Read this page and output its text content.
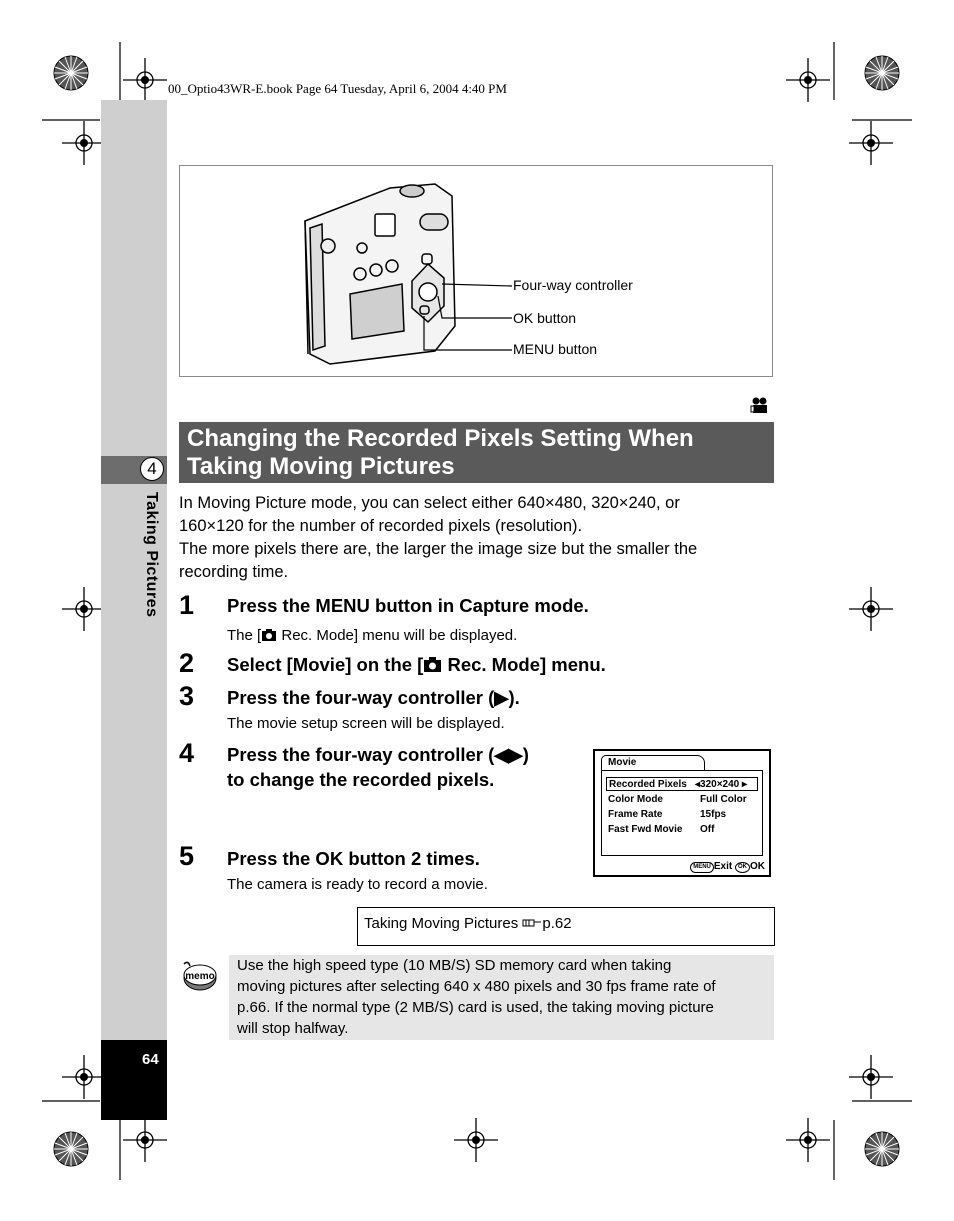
00_Optio43WR-E.book Page 64 Tuesday, April 6, 2004 4:40 PM
4
Taking Pictures
64
Four-way controller
OK button
MENU button
Changing the Recorded Pixels Setting When
Taking Moving Pictures

In Moving Picture mode, you can select either 640×480, 320×240, or

160×120 for the number of recorded pixels (resolution).

The more pixels there are, the larger the image size but the smaller the

recording time.

1 Press the MENU button in Capture mode.
The [ Rec. Mode] menu will be displayed.
2 Select [Movie] on the [ Rec. Mode] menu.
3 Press the four-way controller (▶).
The movie setup screen will be displayed.
4 Press the four-way controller (◀▶)
to change the recorded pixels.
5 Press the OK button 2 times.
The camera is ready to record a movie.
Movie
Recorded Pixels ◂320×240 ▸
Color Mode	Full Color
Frame Rate	15fps
Fast Fwd Movie Off
MENU Exit OK OK
Taking Moving Pictures p.62
memo
Use the high speed type (10 MB/S) SD memory card when taking
moving pictures after selecting 640 x 480 pixels and 30 fps frame rate of
p.66. If the normal type (2 MB/S) card is used, the taking moving picture
will stop halfway.
